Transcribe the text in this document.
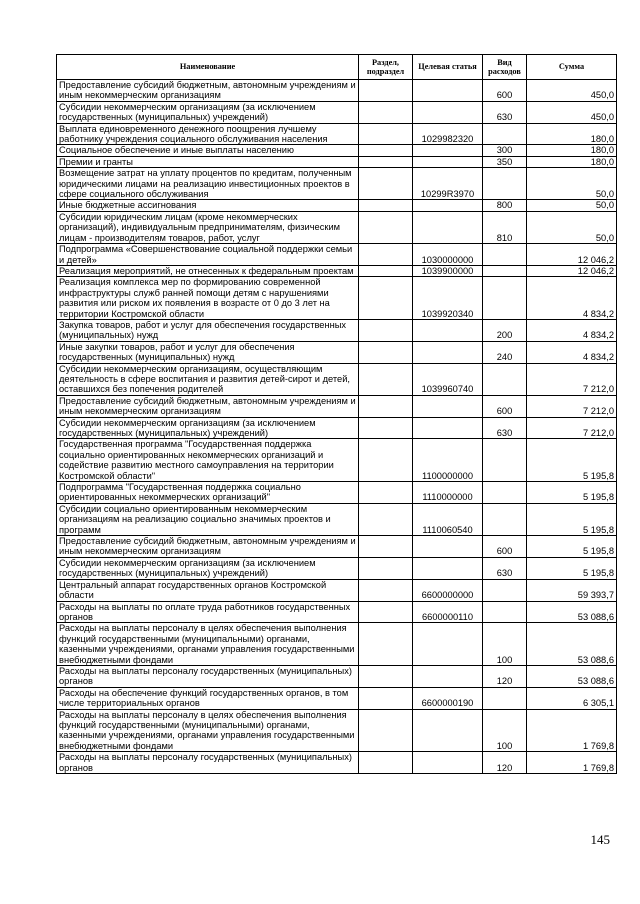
Наименование	Раздел, подраздел	Целевая статья	Вид расходов	Сумма
Предоставление субсидий бюджетным, автономным учреждениям и иным некоммерческим организациям			600	450,0
Субсидии некоммерческим организациям (за исключением государственных (муниципальных) учреждений)			630	450,0
Выплата единовременного денежного поощрения лучшему работнику учреждения социального обслуживания населения		1029982320		180,0
Социальное обеспечение и иные выплаты населению			300	180,0
Премии и гранты			350	180,0
Возмещение затрат на уплату процентов по кредитам, полученным юридическими лицами на реализацию инвестиционных проектов в сфере социального обслуживания		10299R3970		50,0
Иные бюджетные ассигнования			800	50,0
Субсидии юридическим лицам (кроме некоммерческих организаций), индивидуальным предпринимателям, физическим лицам - производителям товаров, работ, услуг			810	50,0
Подпрограмма «Совершенствование социальной поддержки семьи и детей»		1030000000		12 046,2
Реализация мероприятий, не отнесенных к федеральным проектам		1039900000		12 046,2
Реализация комплекса мер по формированию современной инфраструктуры служб ранней помощи детям с нарушениями развития или риском их появления в возрасте от 0 до 3 лет на территории Костромской области		1039920340		4 834,2
Закупка товаров, работ и услуг для обеспечения государственных (муниципальных) нужд			200	4 834,2
Иные закупки товаров, работ и услуг для обеспечения государственных (муниципальных) нужд			240	4 834,2
Субсидии некоммерческим организациям, осуществляющим деятельность в сфере воспитания и развития детей-сирот и детей, оставшихся без попечения родителей		1039960740		7 212,0
Предоставление субсидий бюджетным, автономным учреждениям и иным некоммерческим организациям			600	7 212,0
Субсидии некоммерческим организациям (за исключением государственных (муниципальных) учреждений)			630	7 212,0
Государственная программа "Государственная поддержка социально ориентированных некоммерческих организаций и содействие развитию местного самоуправления на территории Костромской области"		1100000000		5 195,8
Подпрограмма "Государственная поддержка социально ориентированных некоммерческих организаций"		1110000000		5 195,8
Субсидии социально ориентированным некоммерческим организациям на реализацию социально значимых проектов и программ		1110060540		5 195,8
Предоставление субсидий бюджетным, автономным учреждениям и иным некоммерческим организациям			600	5 195,8
Субсидии некоммерческим организациям (за исключением государственных (муниципальных) учреждений)			630	5 195,8
Центральный аппарат государственных органов Костромской области		6600000000		59 393,7
Расходы на выплаты по оплате труда работников государственных органов		6600000110		53 088,6
Расходы на выплаты персоналу в целях обеспечения выполнения функций государственными (муниципальными) органами, казенными учреждениями, органами управления государственными внебюджетными фондами			100	53 088,6
Расходы на выплаты персоналу государственных (муниципальных) органов			120	53 088,6
Расходы на обеспечение функций государственных органов, в том числе территориальных органов		6600000190		6 305,1
Расходы на выплаты персоналу в целях обеспечения выполнения функций государственными (муниципальными) органами, казенными учреждениями, органами управления государственными внебюджетными фондами			100	1 769,8
Расходы на выплаты персоналу государственных (муниципальных) органов			120	1 769,8
145
